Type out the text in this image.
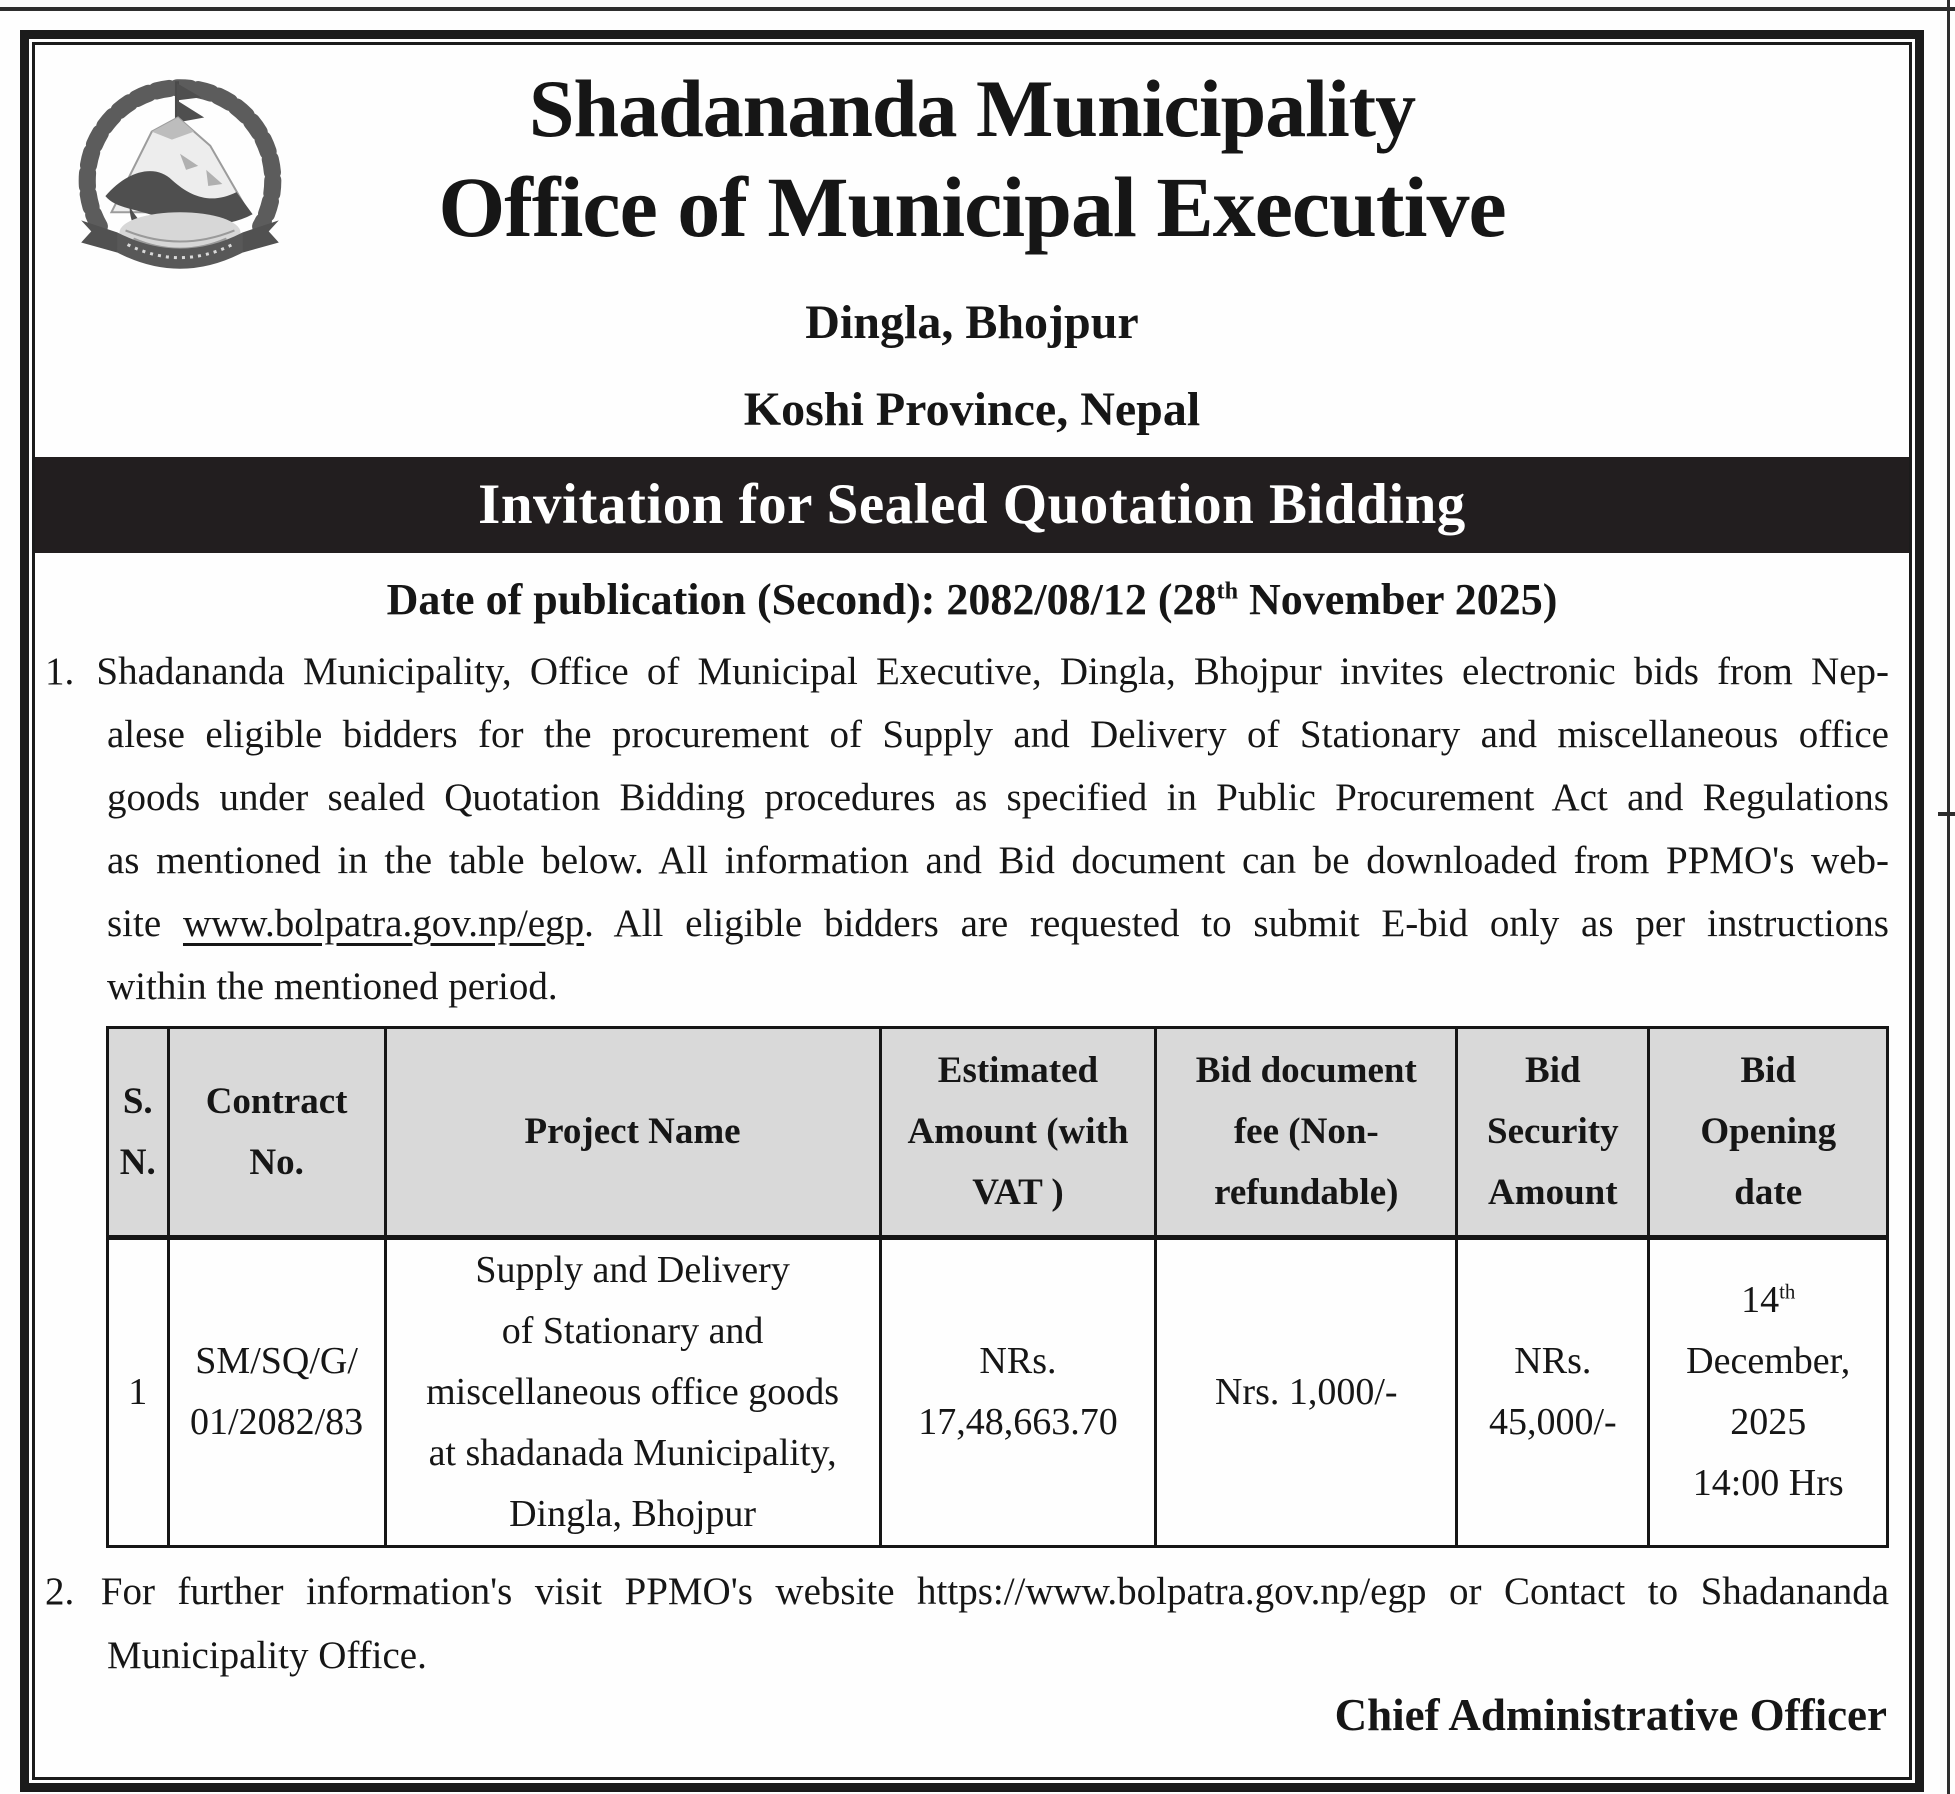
Shadananda Municipality
Office of Municipal Executive
Dingla, Bhojpur
Koshi Province, Nepal
Invitation for Sealed Quotation Bidding
Date of publication (Second): 2082/08/12 (28th November 2025)
1. Shadananda Municipality, Office of Municipal Executive, Dingla, Bhojpur invites electronic bids from Nep-
alese eligible bidders for the procurement of Supply and Delivery of Stationary and miscellaneous office
goods under sealed Quotation Bidding procedures as specified in Public Procurement Act and Regulations
as mentioned in the table below. All information and Bid document can be downloaded from PPMO's web-
site www.bolpatra.gov.np/egp. All eligible bidders are requested to submit E-bid only as per instructions
within the mentioned period.
S.
N.	Contract
No.	Project Name	Estimated
Amount (with
VAT )	Bid document
fee (Non-
refundable)	Bid
Security
Amount	Bid
Opening
date

1	SM/SQ/G/
01/2082/83	Supply and Delivery
of Stationary and
miscellaneous office goods
at shadanada Municipality,
Dingla, Bhojpur	NRs.
17,48,663.70	Nrs. 1,000/-	NRs.
45,000/-	14th
December,
2025
14:00 Hrs
2. For further information's visit PPMO's website https://www.bolpatra.gov.np/egp or Contact to Shadananda
Municipality Office.
Chief Administrative Officer
